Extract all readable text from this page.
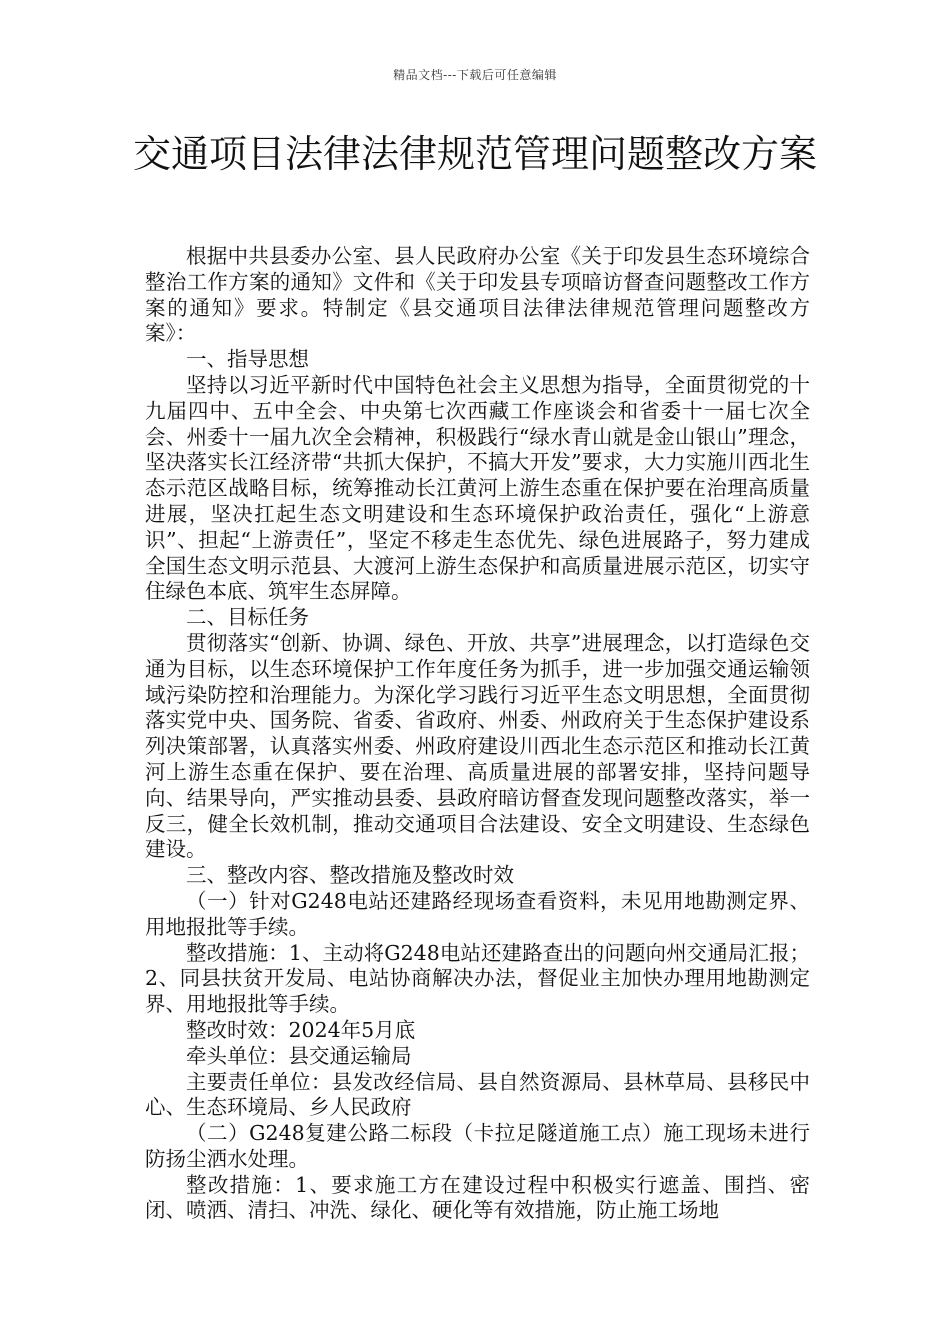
精品文档---下载后可任意编辑
交通项目法律法律规范管理问题整改方案

根据中共县委办公室、县人民政府办公室《关于印发县生态环境综合整治工作方案的通知》文件和《关于印发县专项暗访督查问题整改工作方案的通知》要求。特制定《县交通项目法律法律规范管理问题整改方案》：

一、指导思想

坚持以习近平新时代中国特色社会主义思想为指导，全面贯彻党的十九届四中、五中全会、中央第七次西藏工作座谈会和省委十一届七次全会、州委十一届九次全会精神，积极践行“绿水青山就是金山银山”理念，坚决落实长江经济带“共抓大保护，不搞大开发”要求，大力实施川西北生态示范区战略目标，统筹推动长江黄河上游生态重在保护要在治理高质量进展，坚决扛起生态文明建设和生态环境保护政治责任，强化“上游意识”、担起“上游责任”，坚定不移走生态优先、绿色进展路子，努力建成全国生态文明示范县、大渡河上游生态保护和高质量进展示范区，切实守住绿色本底、筑牢生态屏障。

二、目标任务

贯彻落实“创新、协调、绿色、开放、共享”进展理念，以打造绿色交通为目标，以生态环境保护工作年度任务为抓手，进一步加强交通运输领域污染防控和治理能力。为深化学习践行习近平生态文明思想，全面贯彻落实党中央、国务院、省委、省政府、州委、州政府关于生态保护建设系列决策部署，认真落实州委、州政府建设川西北生态示范区和推动长江黄河上游生态重在保护、要在治理、高质量进展的部署安排，坚持问题导向、结果导向，严实推动县委、县政府暗访督查发现问题整改落实，举一反三，健全长效机制，推动交通项目合法建设、安全文明建设、生态绿色建设。

三、整改内容、整改措施及整改时效

（一）针对G248电站还建路经现场查看资料，未见用地勘测定界、用地报批等手续。

整改措施：1、主动将G248电站还建路查出的问题向州交通局汇报；2、同县扶贫开发局、电站协商解决办法，督促业主加快办理用地勘测定界、用地报批等手续。

整改时效：2024年5月底

牵头单位：县交通运输局

主要责任单位：县发改经信局、县自然资源局、县林草局、县移民中心、生态环境局、乡人民政府

（二）G248复建公路二标段（卡拉足隧道施工点）施工现场未进行防扬尘洒水处理。

整改措施：1、要求施工方在建设过程中积极实行遮盖、围挡、密闭、喷洒、清扫、冲洗、绿化、硬化等有效措施，防止施工场地
